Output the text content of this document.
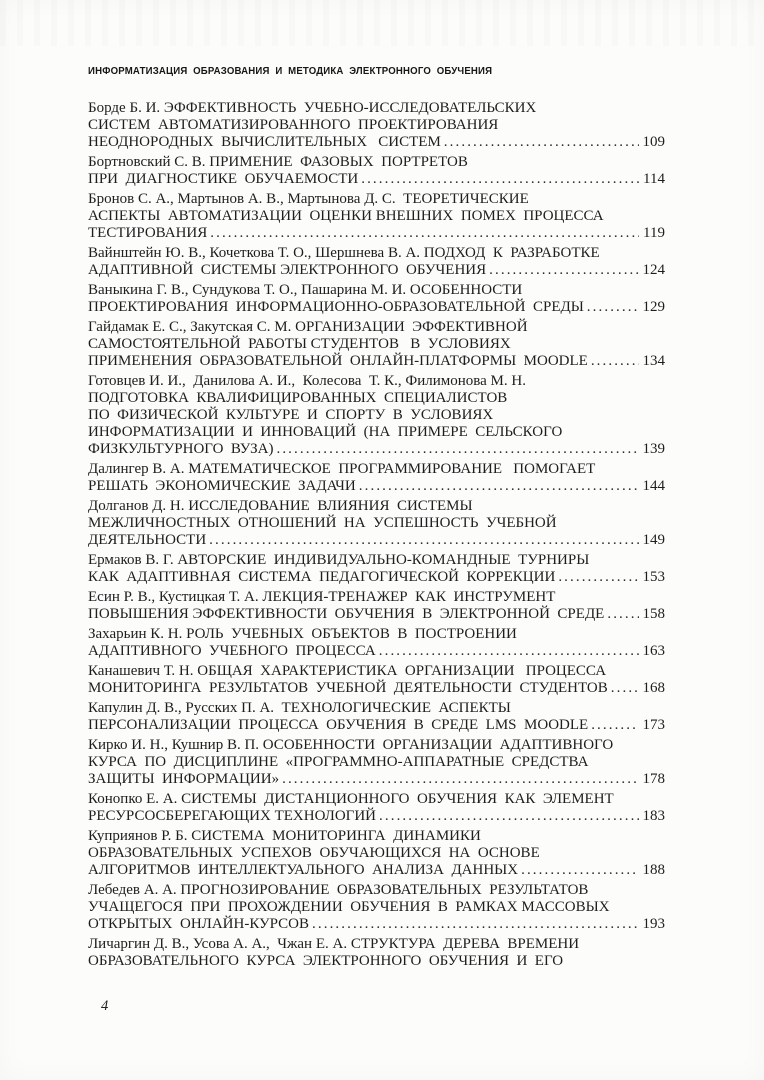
ИНФОРМАТИЗАЦИЯ  ОБРАЗОВАНИЯ  И  МЕТОДИКА  ЭЛЕКТРОННОГО  ОБУЧЕНИЯ
Борде Б. И. ЭФФЕКТИВНОСТЬ  УЧЕБНО-ИССЛЕДОВАТЕЛЬСКИХ
СИСТЕМ  АВТОМАТИЗИРОВАННОГО  ПРОЕКТИРОВАНИЯ
НЕОДНОРОДНЫХ  ВЫЧИСЛИТЕЛЬНЫХ   СИСТЕМ .....	109
Бортновский С. В. ПРИМЕНИЕ  ФАЗОВЫХ  ПОРТРЕТОВ
ПРИ  ДИАГНОСТИКЕ  ОБУЧАЕМОСТИ .....	114
Бронов С. А., Мартынов А. В., Мартынова Д. С.  ТЕОРЕТИЧЕСКИЕ
АСПЕКТЫ  АВТОМАТИЗАЦИИ  ОЦЕНКИ ВНЕШНИХ  ПОМЕХ  ПРОЦЕССА
ТЕСТИРОВАНИЯ .....	119
Вайнштейн Ю. В., Кочеткова Т. О., Шершнева В. А. ПОДХОД  К  РАЗРАБОТКЕ
АДАПТИВНОЙ  СИСТЕМЫ ЭЛЕКТРОННОГО  ОБУЧЕНИЯ .....	124
Ваныкина Г. В., Сундукова Т. О., Пашарина М. И. ОСОБЕННОСТИ
ПРОЕКТИРОВАНИЯ  ИНФОРМАЦИОННО-ОБРАЗОВАТЕЛЬНОЙ  СРЕДЫ .....	129
Гайдамак Е. С., Закутская С. М. ОРГАНИЗАЦИИ  ЭФФЕКТИВНОЙ
САМОСТОЯТЕЛЬНОЙ  РАБОТЫ СТУДЕНТОВ   В  УСЛОВИЯХ
ПРИМЕНЕНИЯ  ОБРАЗОВАТЕЛЬНОЙ  ОНЛАЙН-ПЛАТФОРМЫ  MOODLE .....	134
Готовцев И. И.,  Данилова А. И.,  Колесова  Т. К., Филимонова М. Н.
ПОДГОТОВКА  КВАЛИФИЦИРОВАННЫХ  СПЕЦИАЛИСТОВ
ПО  ФИЗИЧЕСКОЙ  КУЛЬТУРЕ  И  СПОРТУ  В  УСЛОВИЯХ
ИНФОРМАТИЗАЦИИ  И  ИННОВАЦИЙ  (НА  ПРИМЕРЕ  СЕЛЬСКОГО
ФИЗКУЛЬТУРНОГО  ВУЗА) .....	139
Далингер В. А. МАТЕМАТИЧЕСКОЕ  ПРОГРАММИРОВАНИЕ   ПОМОГАЕТ
РЕШАТЬ  ЭКОНОМИЧЕСКИЕ  ЗАДАЧИ .....	144
Долганов Д. Н. ИССЛЕДОВАНИЕ  ВЛИЯНИЯ  СИСТЕМЫ
МЕЖЛИЧНОСТНЫХ  ОТНОШЕНИЙ  НА  УСПЕШНОСТЬ  УЧЕБНОЙ
ДЕЯТЕЛЬНОСТИ .....	149
Ермаков В. Г. АВТОРСКИЕ  ИНДИВИДУАЛЬНО-КОМАНДНЫЕ  ТУРНИРЫ
КАК  АДАПТИВНАЯ  СИСТЕМА  ПЕДАГОГИЧЕСКОЙ  КОРРЕКЦИИ .....	153
Есин Р. В., Кустицкая Т. А. ЛЕКЦИЯ-ТРЕНАЖЕР  КАК  ИНСТРУМЕНТ
ПОВЫШЕНИЯ ЭФФЕКТИВНОСТИ  ОБУЧЕНИЯ  В  ЭЛЕКТРОННОЙ  СРЕДЕ .....	158
Захарьин К. Н. РОЛЬ  УЧЕБНЫХ  ОБЪЕКТОВ  В  ПОСТРОЕНИИ
АДАПТИВНОГО  УЧЕБНОГО  ПРОЦЕССА .....	163
Канашевич Т. Н. ОБЩАЯ  ХАРАКТЕРИСТИКА  ОРГАНИЗАЦИИ   ПРОЦЕССА
МОНИТОРИНГА  РЕЗУЛЬТАТОВ  УЧЕБНОЙ  ДЕЯТЕЛЬНОСТИ  СТУДЕНТОВ ..... 168
Капулин Д. В., Русских П. А.  ТЕХНОЛОГИЧЕСКИЕ  АСПЕКТЫ
ПЕРСОНАЛИЗАЦИИ  ПРОЦЕССА  ОБУЧЕНИЯ  В  СРЕДЕ  LMS  MOODLE .....	173
Кирко И. Н., Кушнир В. П. ОСОБЕННОСТИ  ОРГАНИЗАЦИИ  АДАПТИВНОГО
КУРСА  ПО  ДИСЦИПЛИНЕ  «ПРОГРАММНО-АППАРАТНЫЕ  СРЕДСТВА
ЗАЩИТЫ  ИНФОРМАЦИИ» .....	178
Конопко Е. А. СИСТЕМЫ  ДИСТАНЦИОННОГО  ОБУЧЕНИЯ  КАК  ЭЛЕМЕНТ
РЕСУРСОСБЕРЕГАЮЩИХ ТЕХНОЛОГИЙ .....	183
Куприянов Р. Б. СИСТЕМА  МОНИТОРИНГА  ДИНАМИКИ
ОБРАЗОВАТЕЛЬНЫХ  УСПЕХОВ  ОБУЧАЮЩИХСЯ  НА  ОСНОВЕ
АЛГОРИТМОВ  ИНТЕЛЛЕКТУАЛЬНОГО  АНАЛИЗА  ДАННЫХ .....	188
Лебедев А. А. ПРОГНОЗИРОВАНИЕ  ОБРАЗОВАТЕЛЬНЫХ  РЕЗУЛЬТАТОВ
УЧАЩЕГОСЯ  ПРИ  ПРОХОЖДЕНИИ  ОБУЧЕНИЯ  В  РАМКАХ МАССОВЫХ
ОТКРЫТЫХ  ОНЛАЙН-КУРСОВ .....	193
Личаргин Д. В., Усова А. А.,  Чжан Е. А. СТРУКТУРА  ДЕРЕВА  ВРЕМЕНИ
ОБРАЗОВАТЕЛЬНОГО  КУРСА  ЭЛЕКТРОННОГО  ОБУЧЕНИЯ  И  ЕГО
4
